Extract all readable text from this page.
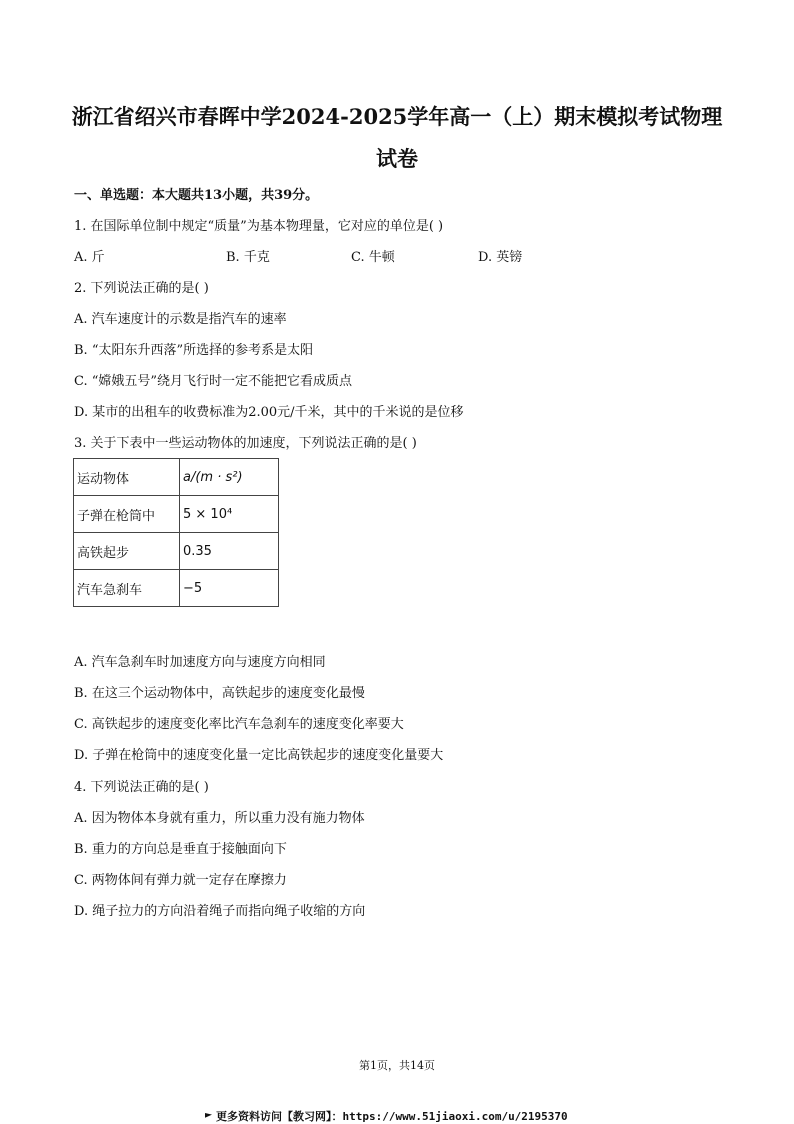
浙江省绍兴市春晖中学2024-2025学年高一（上）期末模拟考试物理
试卷
一、单选题：本大题共13小题，共39分。
1. 在国际单位制中规定“质量”为基本物理量，它对应的单位是( )
A. 斤	B. 千克	C. 牛顿	D. 英镑
2. 下列说法正确的是( )
A. 汽车速度计的示数是指汽车的速率
B. “太阳东升西落”所选择的参考系是太阳
C. “嫦娥五号”绕月飞行时一定不能把它看成质点
D. 某市的出租车的收费标准为2.00元/千米，其中的千米说的是位移
3. 关于下表中一些运动物体的加速度，下列说法正确的是( )
运动物体	a/(m · s²)
子弹在枪筒中	5 × 10⁴
高铁起步	0.35
汽车急刹车	−5
A. 汽车急刹车时加速度方向与速度方向相同
B. 在这三个运动物体中，高铁起步的速度变化最慢
C. 高铁起步的速度变化率比汽车急刹车的速度变化率要大
D. 子弹在枪筒中的速度变化量一定比高铁起步的速度变化量要大
4. 下列说法正确的是( )
A. 因为物体本身就有重力，所以重力没有施力物体
B. 重力的方向总是垂直于接触面向下
C. 两物体间有弹力就一定存在摩擦力
D. 绳子拉力的方向沿着绳子而指向绳子收缩的方向
第1页，共14页
更多资料访问【教习网】：https://www.51jiaoxi.com/u/2195370
